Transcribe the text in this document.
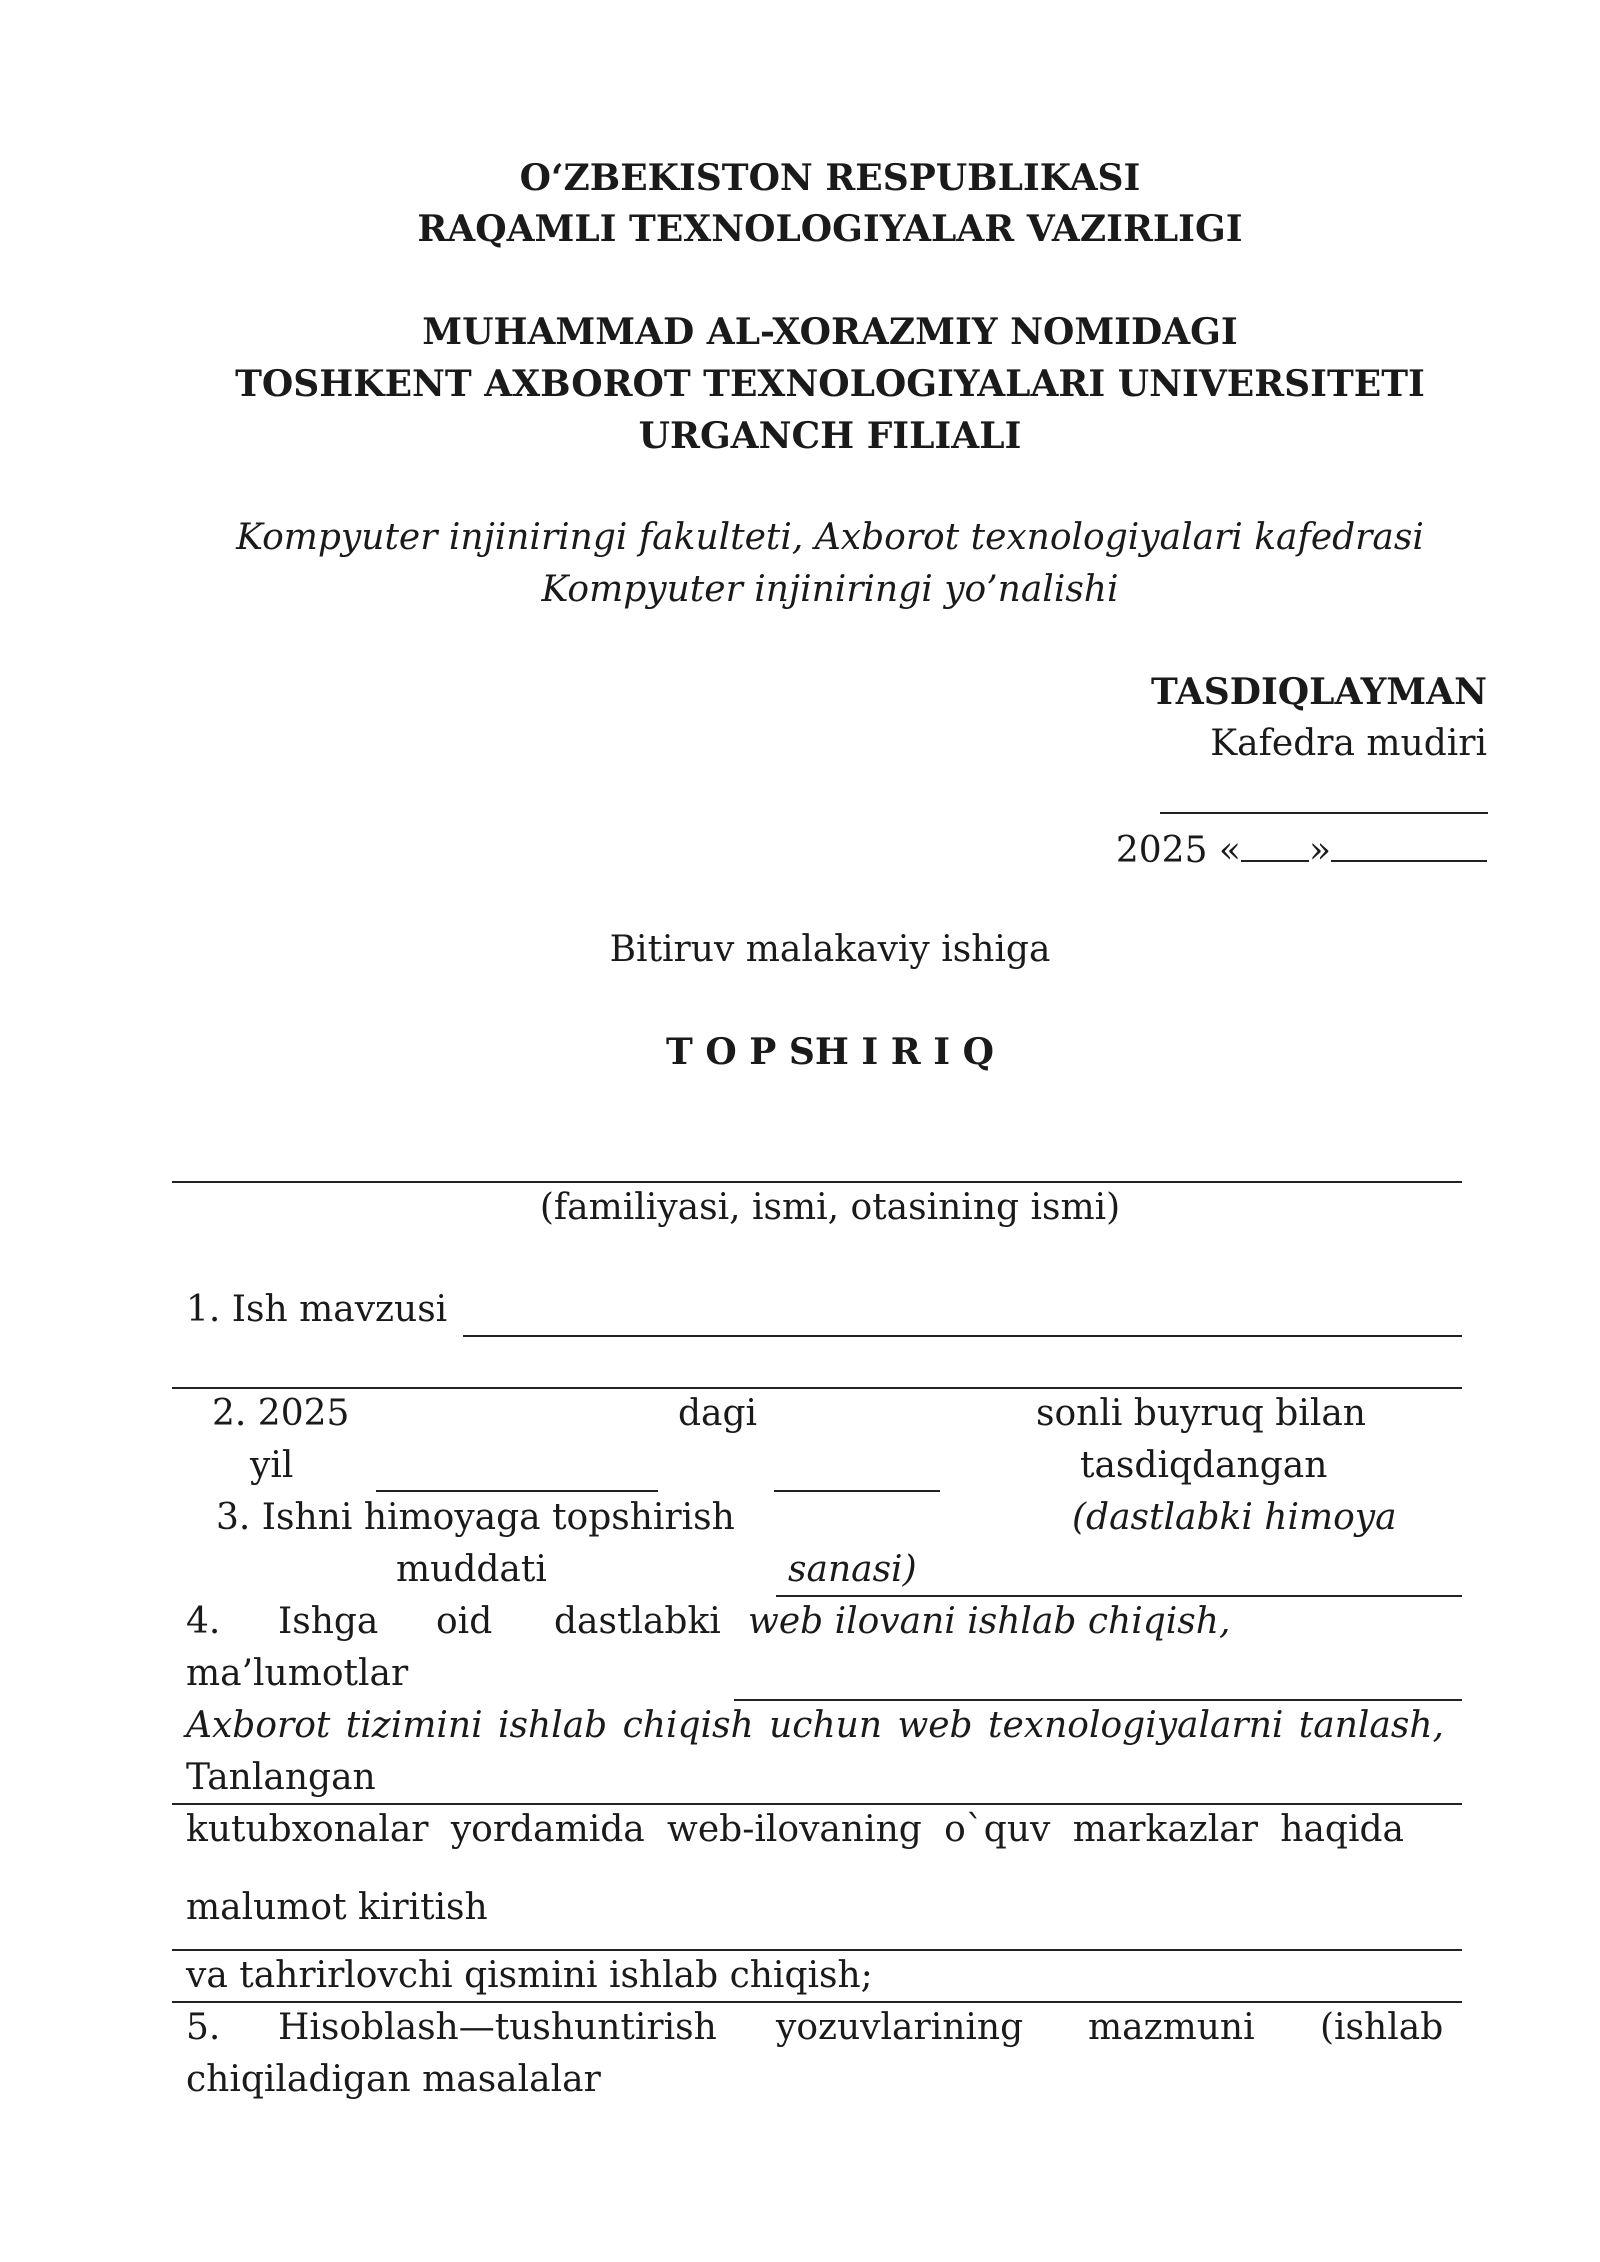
O‘ZBEKISTON RESPUBLIKASI
RAQAMLI TEXNOLOGIYALAR VAZIRLIGI
MUHAMMAD AL-XORAZMIY NOMIDAGI
TOSHKENT AXBOROT TEXNOLOGIYALARI UNIVERSITETI
URGANCH FILIALI
Kompyuter injiniringi fakulteti, Axborot texnologiyalari kafedrasi
Kompyuter injiniringi yo’nalishi
TASDIQLAYMAN
Kafedra mudiri
2025 « »
Bitiruv malakaviy ishiga
T O P SH I R I Q
(familiyasi, ismi, otasining ismi)
1. Ish mavzusi
2. 2025
yil
dagi	sonli buyruq bilan
tasdiqdangan
3. Ishni himoyaga topshirish
muddati
(dastlabki himoya
sanasi)
4. Ishga oid dastlabki web ilovani ishlab chiqish,
ma’lumotlar
Axborot tizimini ishlab chiqish uchun web texnologiyalarni tanlash,
Tanlangan
kutubxonalar yordamida web-ilovaning o`quv markazlar haqida
malumot kiritish
va tahrirlovchi qismini ishlab chiqish;
5. Hisoblash—tushuntirish yozuvlarining mazmuni (ishlab
chiqiladigan masalalar
